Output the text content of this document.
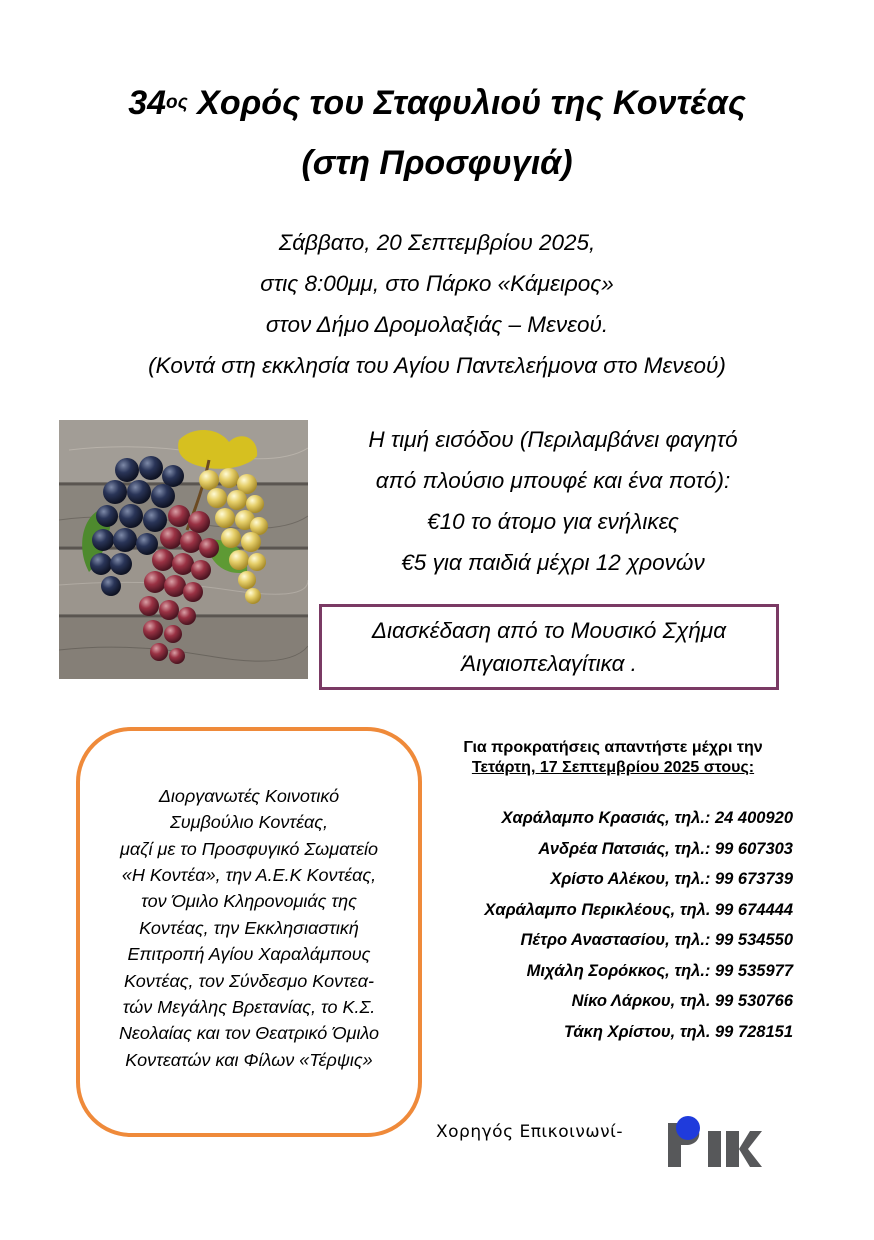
$34^{o\varsigma}$ Χορός του Σταφυλιού της Κοντέας
(στη Προσφυγιά)
Σάββατο, 20 Σεπτεμβρίου 2025,
στις 8:00μμ, στο Πάρκο «Κάμειρος»
στον Δήμο Δρομολαξιάς – Μενεού.
(Κοντά στη εκκλησία του Αγίου Παντελεήμονα στο Μενεού)
Η τιμή εισόδου (Περιλαμβάνει φαγητό
από πλούσιο μπουφέ και ένα ποτό):
€10 το άτομο για ενήλικες
€5 για παιδιά μέχρι 12 χρονών
Διασκέδαση από το Μουσικό Σχήμα
Άιγαιοπελαγίτικα .
Διοργανωτές Κοινοτικό
Συμβούλιο Κοντέας,
μαζί με το Προσφυγικό Σωματείο
«Η Κοντέα», την Α.Ε.Κ Κοντέας,
τον Όμιλο Κληρονομιάς της
Κοντέας, την Εκκλησιαστική
Επιτροπή Αγίου Χαραλάμπους
Κοντέας, τον Σύνδεσμο Κοντεα-
τών Μεγάλης Βρετανίας, το Κ.Σ.
Νεολαίας και τον Θεατρικό Όμιλο
Κοντεατών και Φίλων «Τέρψις»
Για προκρατήσεις απαντήστε μέχρι την
Τετάρτη, 17 Σεπτεμβρίου 2025 στους:
Χαράλαμπο Κρασιάς, τηλ.: 24 400920
Ανδρέα Πατσιάς, τηλ.: 99 607303
Χρίστο Αλέκου, τηλ.: 99 673739
Χαράλαμπο Περικλέους, τηλ. 99 674444
Πέτρο Αναστασίου, τηλ.: 99 534550
Μιχάλη Σορόκκος, τηλ.: 99 535977
Νίκο Λάρκου, τηλ. 99 530766
Τάκη Χρίστου, τηλ. 99 728151
Χορηγός Επικοινωνί-
